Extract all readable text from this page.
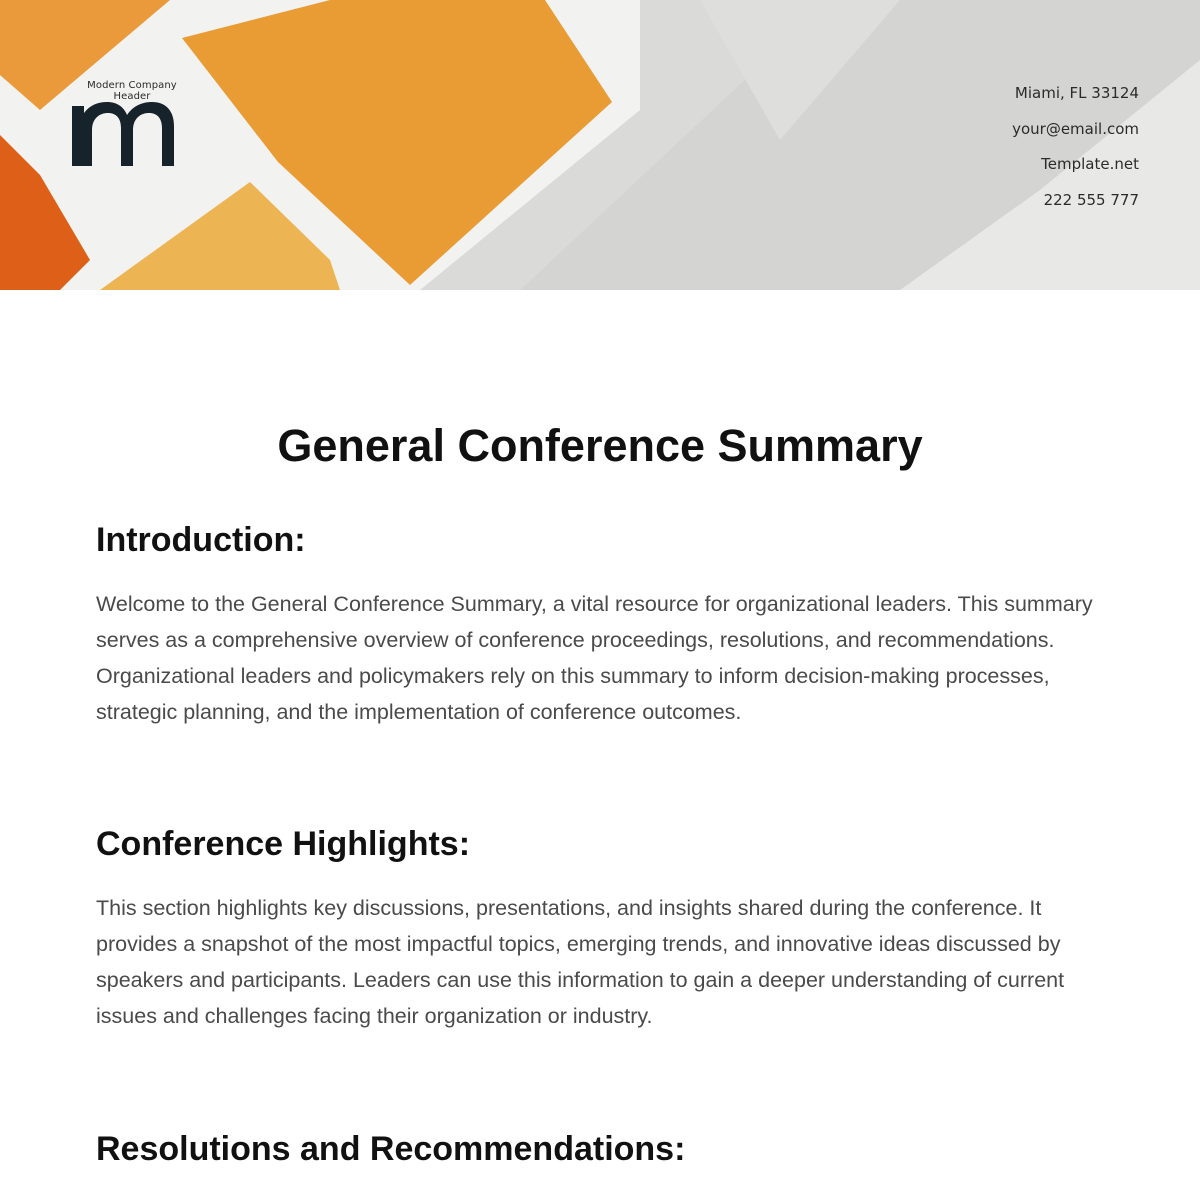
Modern Company
Header	Miami, FL 33124
your@email.com
Template.net
222 555 777
General Conference Summary
Introduction:

Welcome to the General Conference Summary, a vital resource for organizational leaders. This summary serves as a comprehensive overview of conference proceedings, resolutions, and recommendations. Organizational leaders and policymakers rely on this summary to inform decision-making processes, strategic planning, and the implementation of conference outcomes.

Conference Highlights:

This section highlights key discussions, presentations, and insights shared during the conference. It provides a snapshot of the most impactful topics, emerging trends, and innovative ideas discussed by speakers and participants. Leaders can use this information to gain a deeper understanding of current issues and challenges facing their organization or industry.

Resolutions and Recommendations:
